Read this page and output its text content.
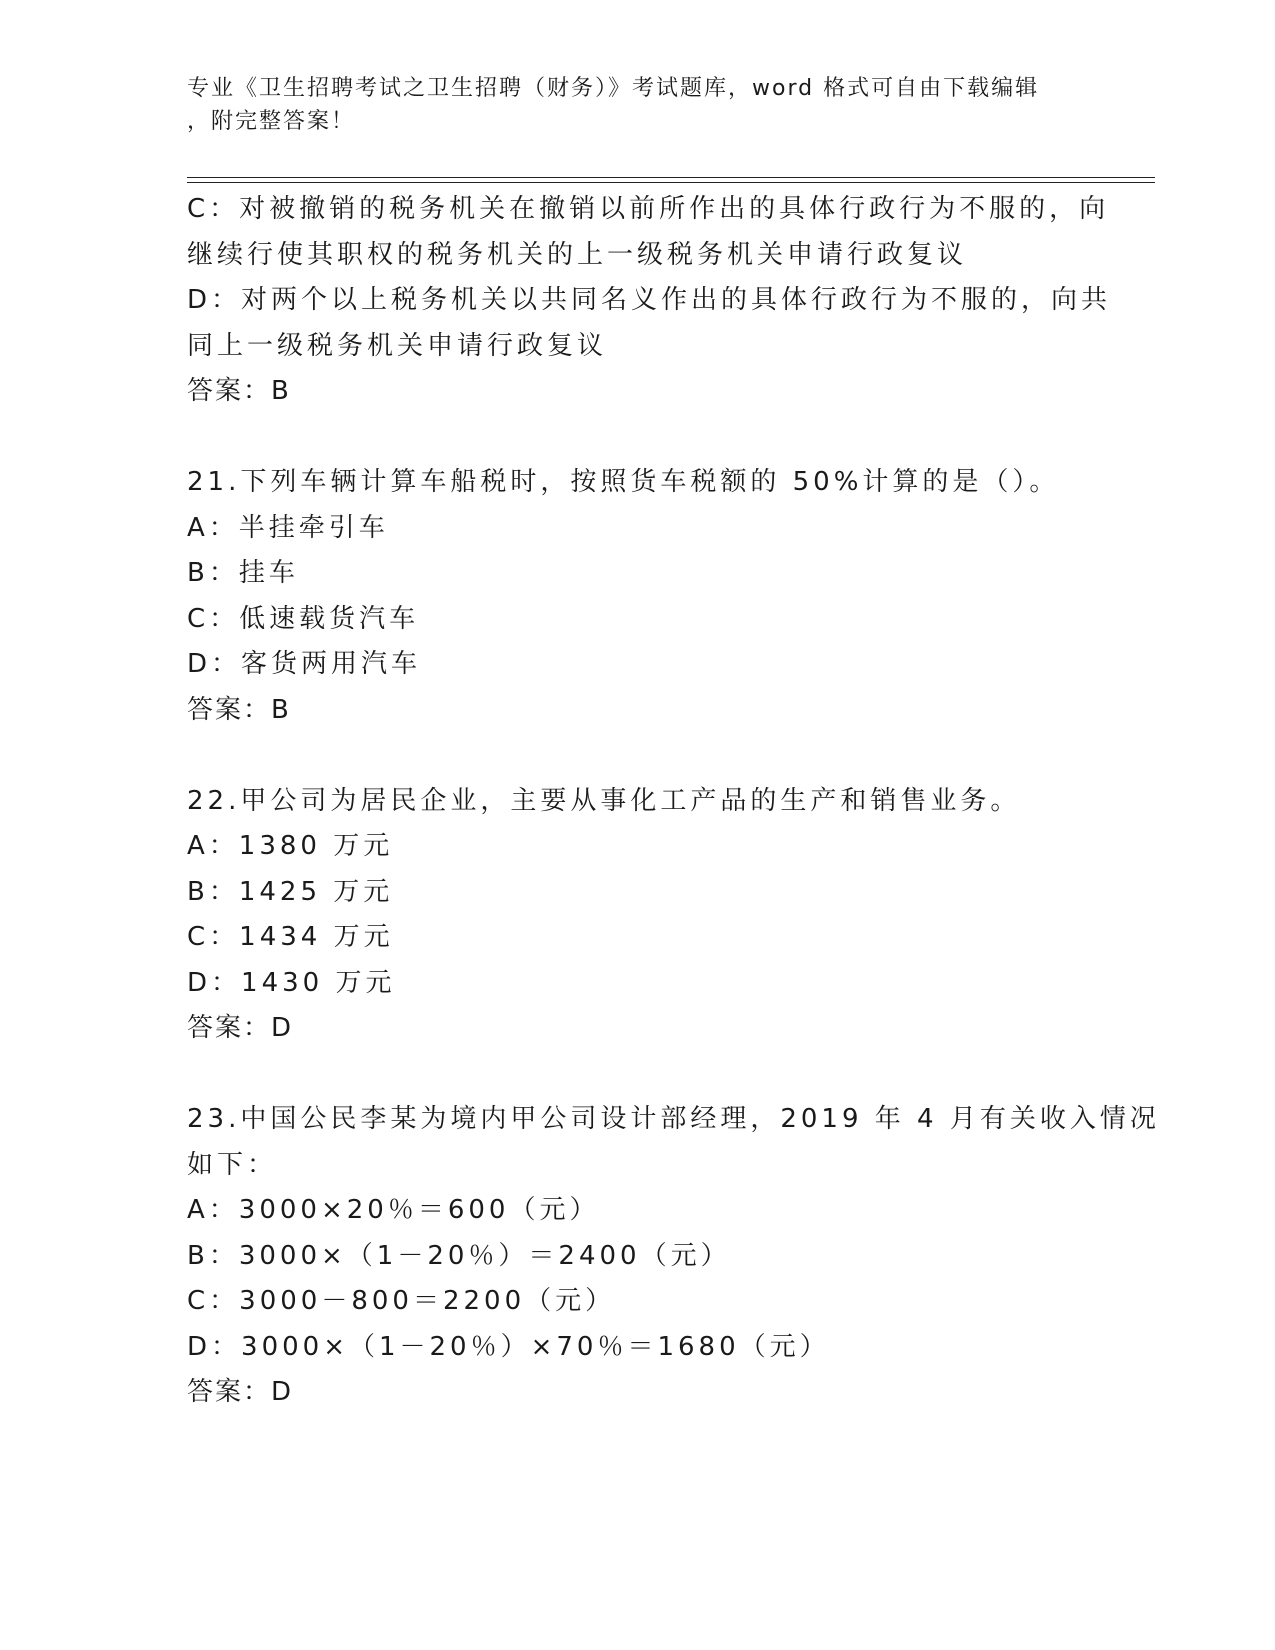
专业《卫生招聘考试之卫生招聘（财务）》考试题库，word 格式可自由下载编辑
，附完整答案！
C：对被撤销的税务机关在撤销以前所作出的具体行政行为不服的，向
继续行使其职权的税务机关的上一级税务机关申请行政复议
D：对两个以上税务机关以共同名义作出的具体行政行为不服的，向共
同上一级税务机关申请行政复议
答案：B
21.下列车辆计算车船税时，按照货车税额的 50%计算的是（）。
A：半挂牵引车
B：挂车
C：低速载货汽车
D：客货两用汽车
答案：B
22.甲公司为居民企业，主要从事化工产品的生产和销售业务。
A：1380 万元
B：1425 万元
C：1434 万元
D：1430 万元
答案：D
23.中国公民李某为境内甲公司设计部经理，2019 年 4 月有关收入情况
如下：
A：3000×20％＝600（元）
B：3000×（1－20％）＝2400（元）
C：3000－800＝2200（元）
D：3000×（1－20％）×70％＝1680（元）
答案：D
